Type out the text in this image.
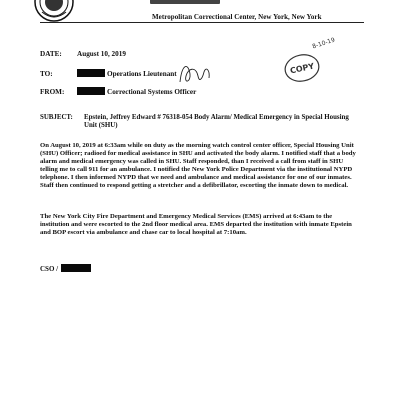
Metropolitan Correctional Center, New York, New York
DATE: August 10, 2019
TO:	Operations Lieutenant
FROM:	Correctional Systems Officer
COPY
8-10-19
SUBJECT:	Epstein, Jeffrey Edward # 76318-054 Body Alarm/ Medical Emergency in Special Housing Unit (SHU)
On August 10, 2019 at 6:33am while on duty as the morning watch control center officer, Special Housing Unit (SHU) Officer; radioed for medical assistance in SHU and activated the body alarm. I notified staff that a body alarm and medical emergency was called in SHU. Staff responded, than I received a call from staff in SHU telling me to call 911 for an ambulance. I notified the New York Police Department via the institutional NYPD telephone. I then informed NYPD that we need and ambulance and medical assistance for one of our inmates. Staff then continued to respond getting a stretcher and a defibrillator, escorting the inmate down to medical.
The New York City Fire Department and Emergency Medical Services (EMS) arrived at 6:43am to the institution and were escorted to the 2nd floor medical area. EMS departed the institution with inmate Epstein and BOP escort via ambulance and chase car to local hospital at 7:10am.
CSO /
